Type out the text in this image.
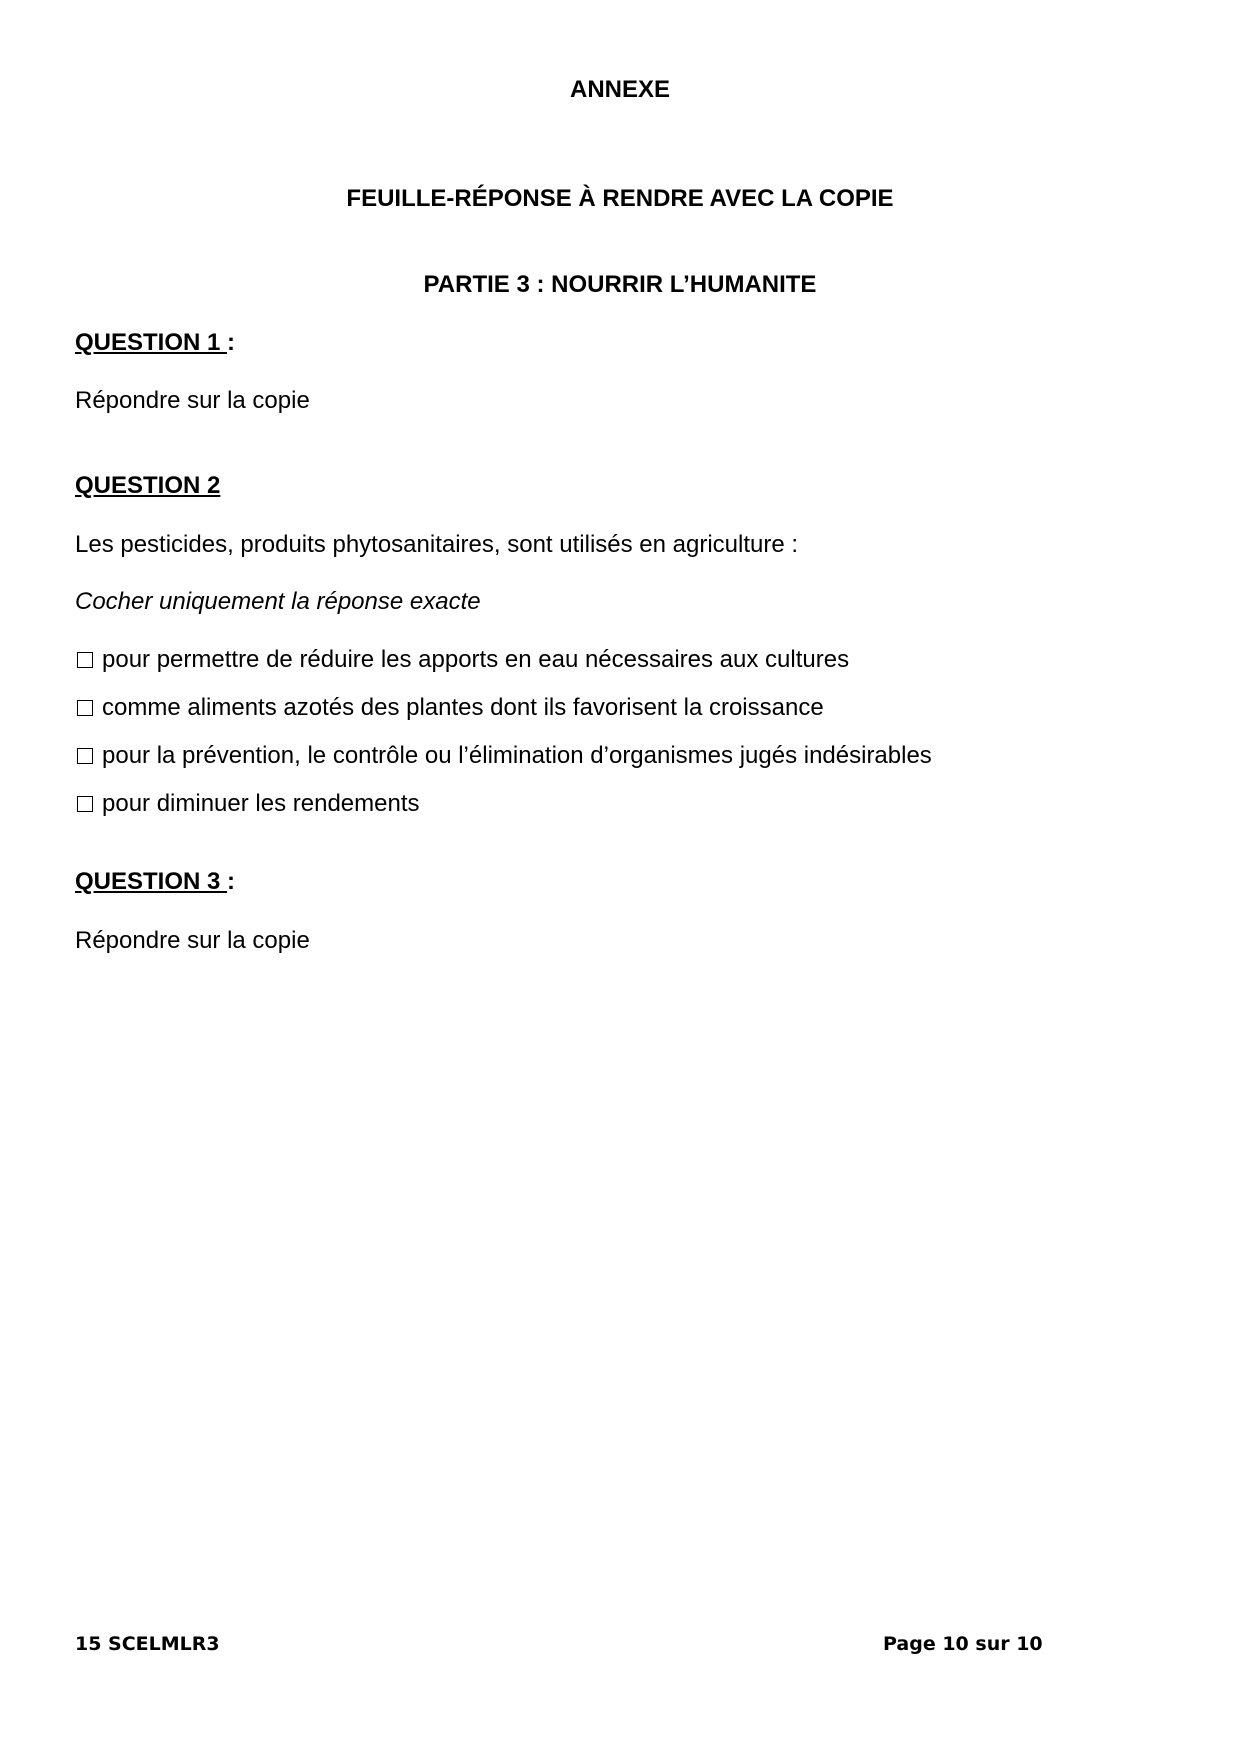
ANNEXE
FEUILLE-RÉPONSE À RENDRE AVEC LA COPIE
PARTIE 3 : NOURRIR L’HUMANITE
QUESTION 1 :
Répondre sur la copie
QUESTION 2
Les pesticides, produits phytosanitaires, sont utilisés en agriculture :
Cocher uniquement la réponse exacte
pour permettre de réduire les apports en eau nécessaires aux cultures
comme aliments azotés des plantes dont ils favorisent la croissance
pour la prévention, le contrôle ou l’élimination d’organismes jugés indésirables
pour diminuer les rendements
QUESTION 3 :
Répondre sur la copie
15 SCELMLR3	Page 10 sur 10
